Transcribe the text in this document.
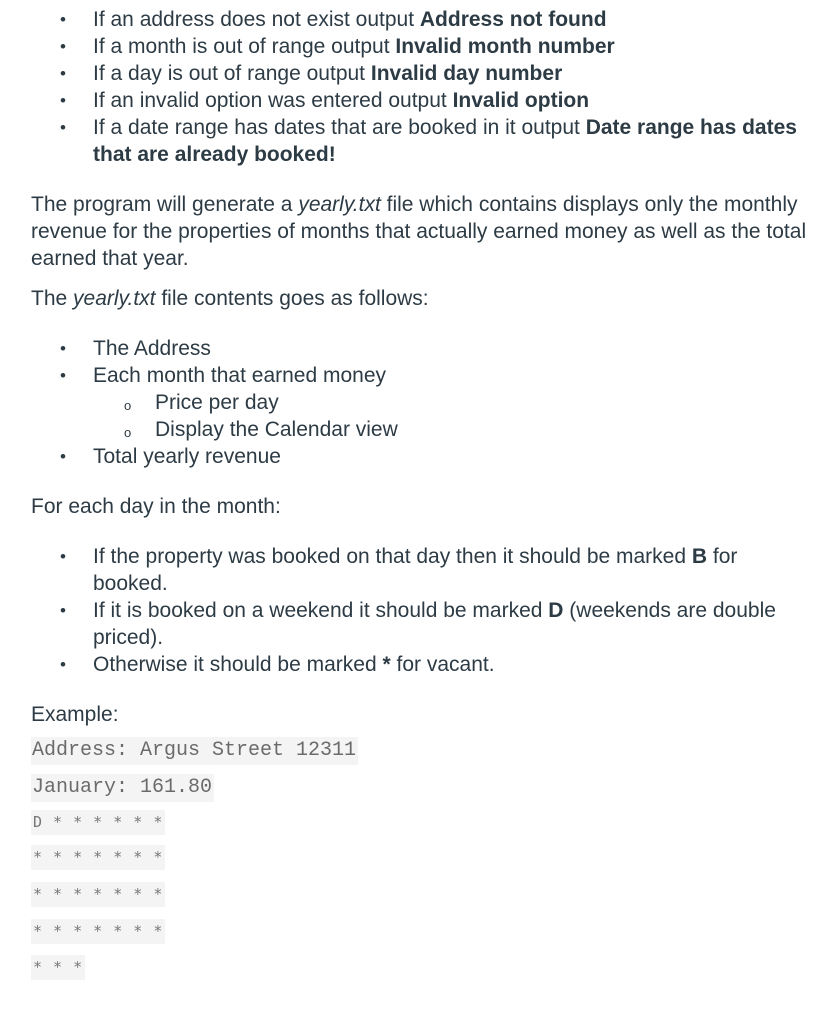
• If an address does not exist output Address not found
• If a month is out of range output Invalid month number
• If a day is out of range output Invalid day number
• If an invalid option was entered output Invalid option
• If a date range has dates that are booked in it output Date range has dates that are already booked!

The program will generate a yearly.txt file which contains displays only the monthly revenue for the properties of months that actually earned money as well as the total earned that year.

The yearly.txt file contents goes as follows:

• The Address
• Each month that earned money
o Price per day
o Display the Calendar view
• Total yearly revenue

For each day in the month:

• If the property was booked on that day then it should be marked B for booked.
• If it is booked on a weekend it should be marked D (weekends are double priced).
• Otherwise it should be marked * for vacant.

Example:

Address: Argus Street 12311
January: 161.80
D * * * * * *
* * * * * * *
* * * * * * *
* * * * * * *
* * *
